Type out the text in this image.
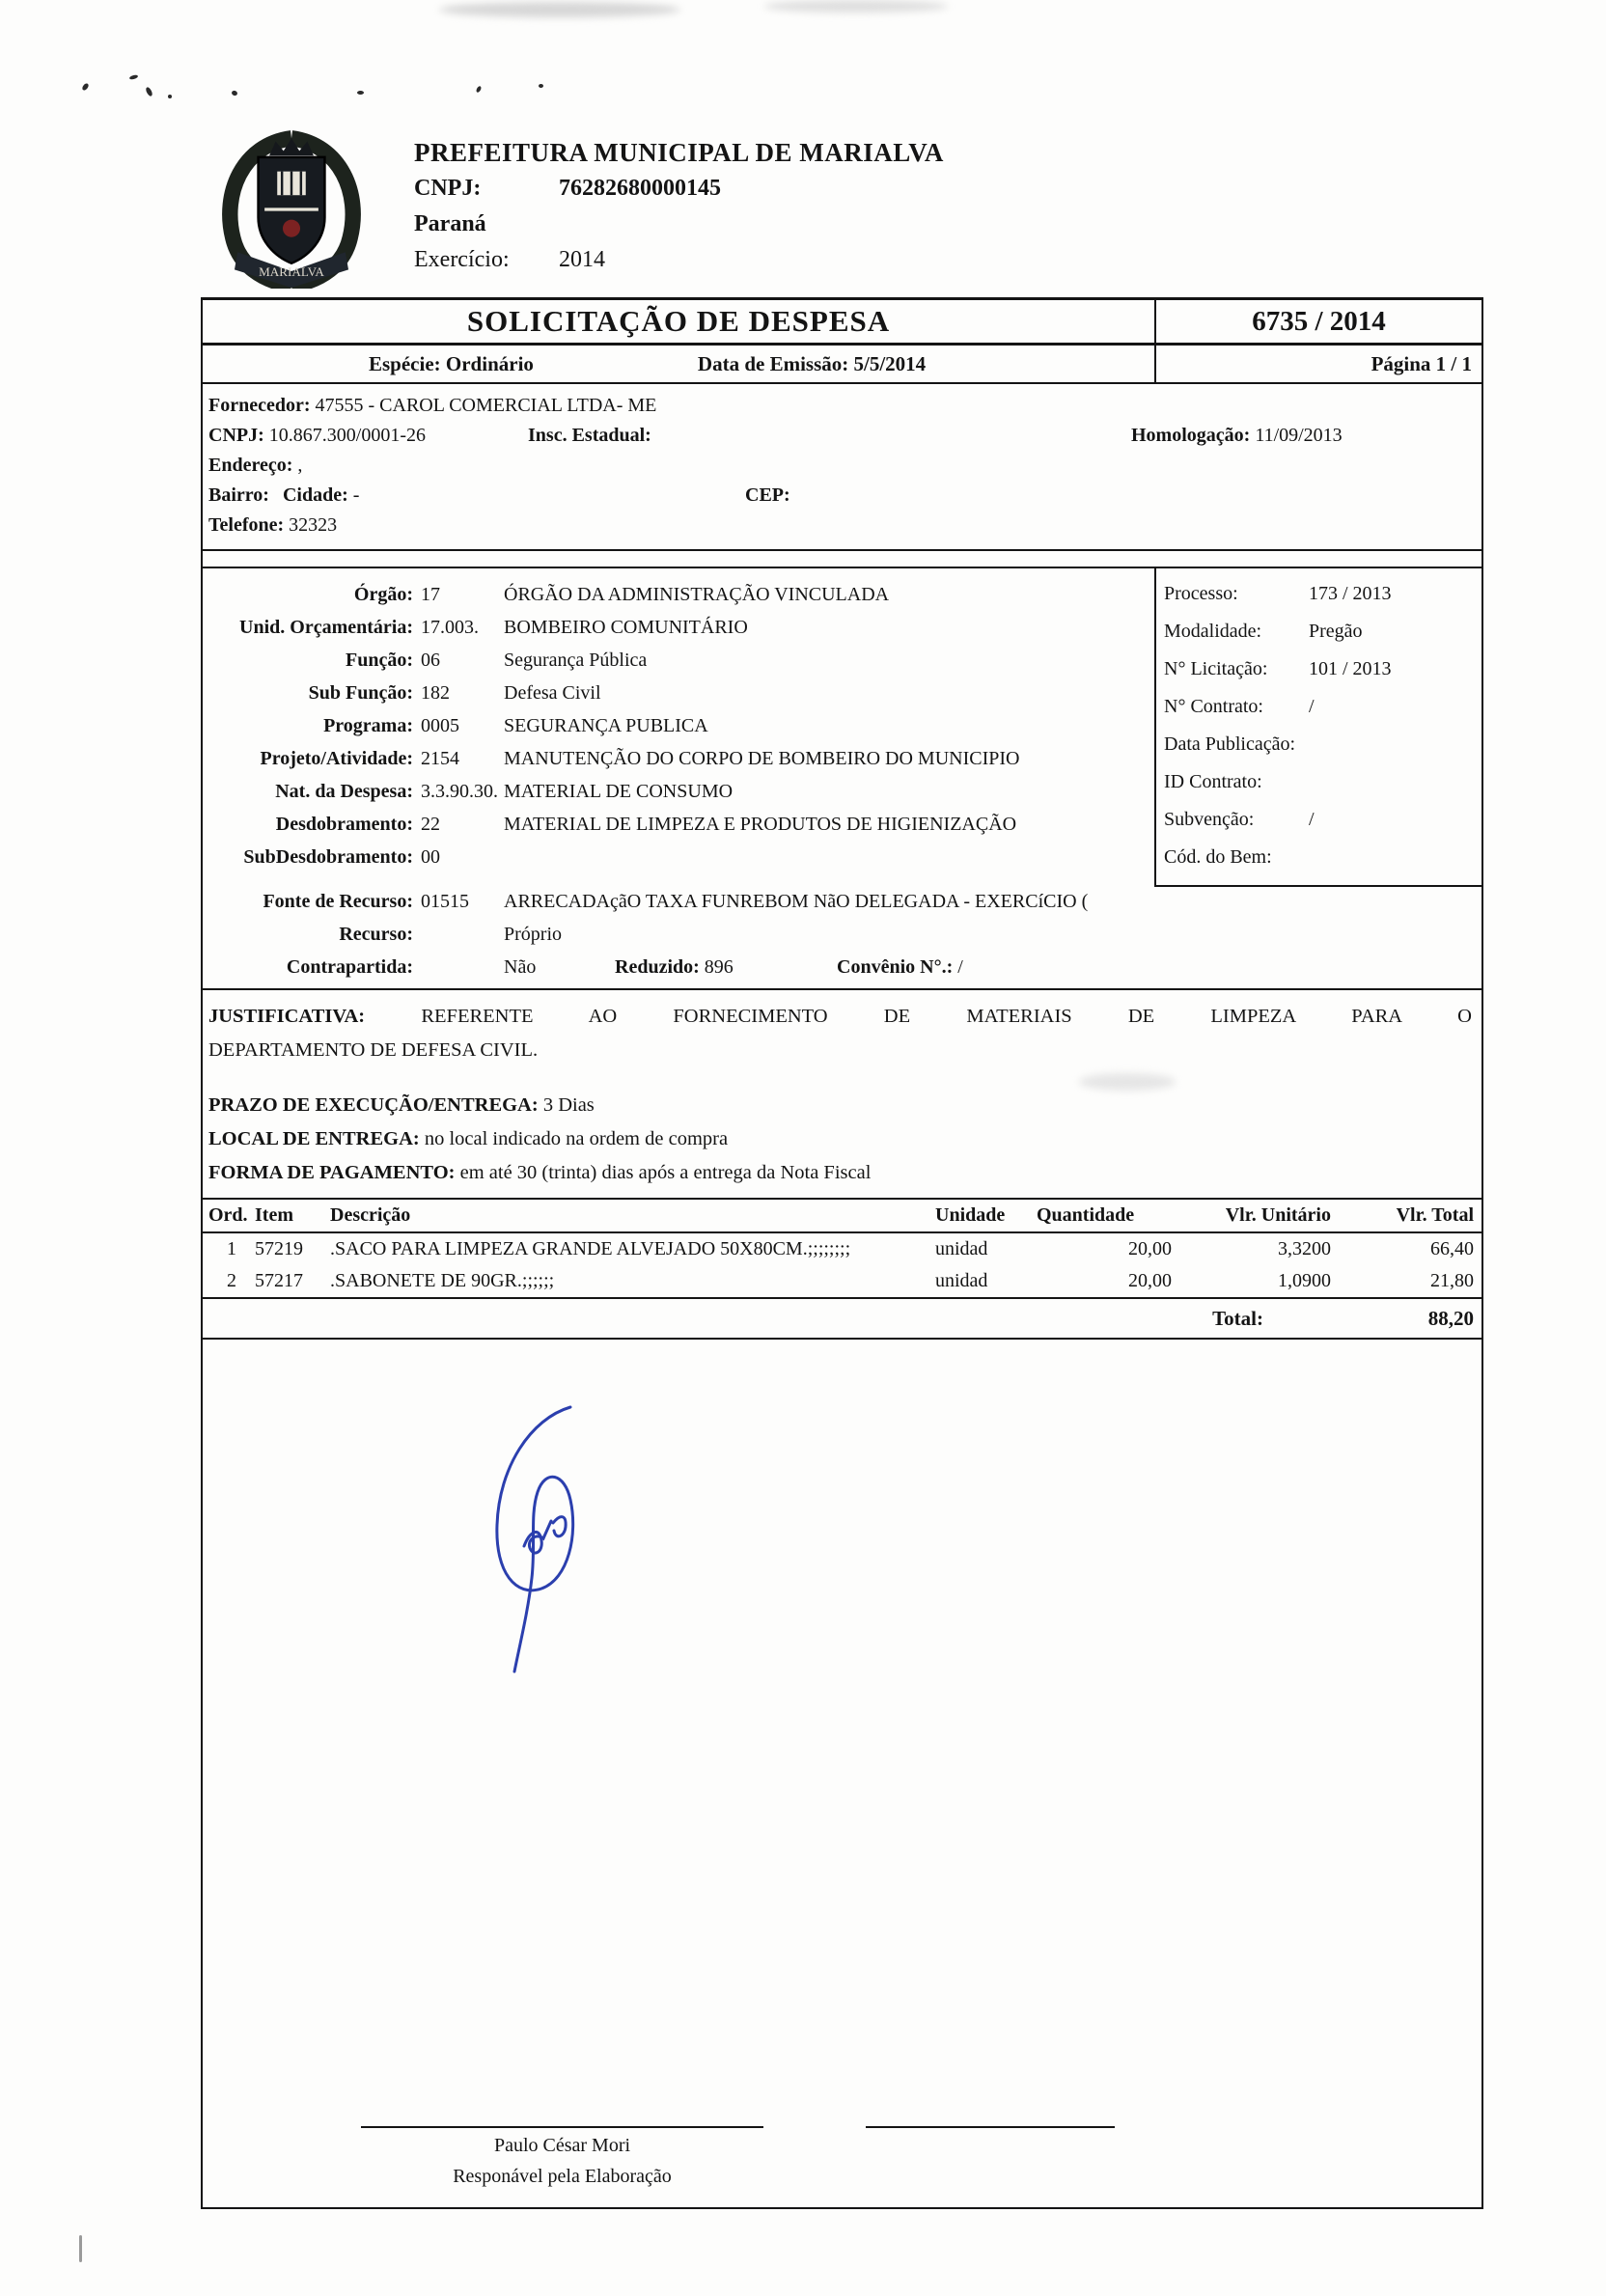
MARIALVA
PREFEITURA MUNICIPAL DE MARIALVA
CNPJ:	76282680000145
Paraná
Exercício: 2014
SOLICITAÇÃO DE DESPESA	6735 / 2014
Espécie: Ordinário	Data de Emissão: 5/5/2014	Página 1 / 1
Fornecedor: 47555 - CAROL COMERCIAL LTDA- ME
CNPJ: 10.867.300/0001-26	Insc. Estadual:	Homologação: 11/09/2013
Endereço: ,
Bairro: Cidade: -	CEP:
Telefone: 32323
Órgão: 17	ÓRGÃO DA ADMINISTRAÇÃO VINCULADA
Unid. Orçamentária: 17.003.	BOMBEIRO COMUNITÁRIO
Função: 06	Segurança Pública
Sub Função: 182	Defesa Civil
Programa: 0005	SEGURANÇA PUBLICA
Projeto/Atividade: 2154	MANUTENÇÃO DO CORPO DE BOMBEIRO DO MUNICIPIO
Nat. da Despesa: 3.3.90.30. MATERIAL DE CONSUMO
Desdobramento: 22	MATERIAL DE LIMPEZA E PRODUTOS DE HIGIENIZAÇÃO
SubDesdobramento: 00
Fonte de Recurso: 01515	ARRECADAçãO TAXA FUNREBOM NãO DELEGADA - EXERCíCIO (
Recurso:	Próprio
Contrapartida:	Não	Reduzido: 896	Convênio N°.: /
Processo:	173 / 2013
Modalidade:	Pregão
N° Licitação:	101 / 2013
N° Contrato:	/
Data Publicação:
ID Contrato:
Subvenção:	/
Cód. do Bem:
JUSTIFICATIVA:	REFERENTE AO FORNECIMENTO DE MATERIAIS DE LIMPEZA PARA O
DEPARTAMENTO DE DEFESA CIVIL.
PRAZO DE EXECUÇÃO/ENTREGA: 3 Dias
LOCAL DE ENTREGA: no local indicado na ordem de compra
FORMA DE PAGAMENTO: em até 30 (trinta) dias após a entrega da Nota Fiscal
Ord. Item	Descrição	Unidade	Quantidade	Vlr. Unitário	Vlr. Total
1 57219	.SACO PARA LIMPEZA GRANDE ALVEJADO 50X80CM.;;;;;;;;	unidad	20,00	3,3200	66,40
2 57217	.SABONETE DE 90GR.;;;;;;	unidad	20,00	1,0900	21,80
Total:	88,20
Paulo César Mori
Responável pela Elaboração
